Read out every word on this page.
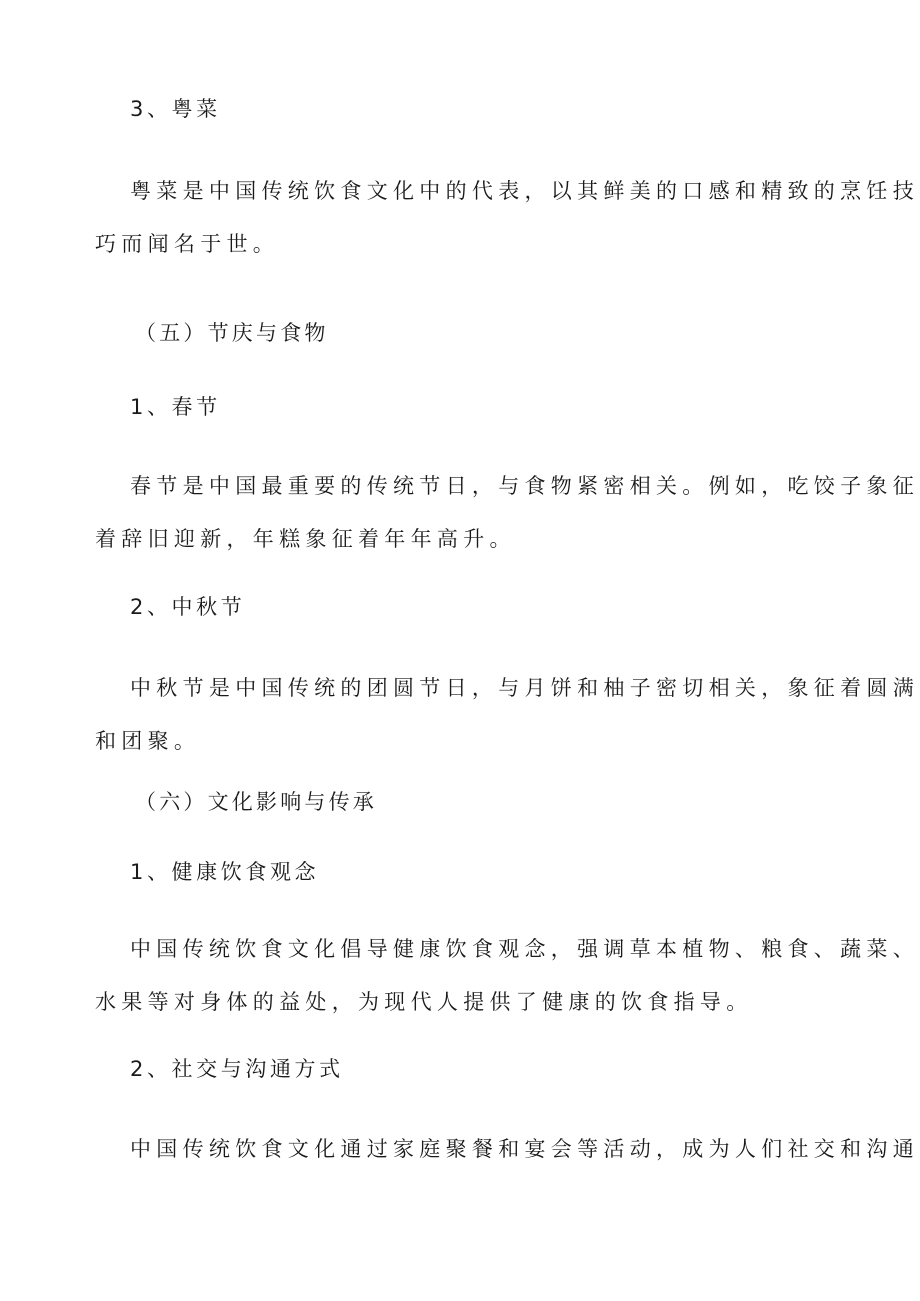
3、粤菜
粤菜是中国传统饮食文化中的代表，以其鲜美的口感和精致的烹饪技
巧而闻名于世。
（五）节庆与食物
1、春节
春节是中国最重要的传统节日，与食物紧密相关。例如，吃饺子象征
着辞旧迎新，年糕象征着年年高升。
2、中秋节
中秋节是中国传统的团圆节日，与月饼和柚子密切相关，象征着圆满
和团聚。
（六）文化影响与传承
1、健康饮食观念
中国传统饮食文化倡导健康饮食观念，强调草本植物、粮食、蔬菜、
水果等对身体的益处，为现代人提供了健康的饮食指导。
2、社交与沟通方式
中国传统饮食文化通过家庭聚餐和宴会等活动，成为人们社交和沟通
